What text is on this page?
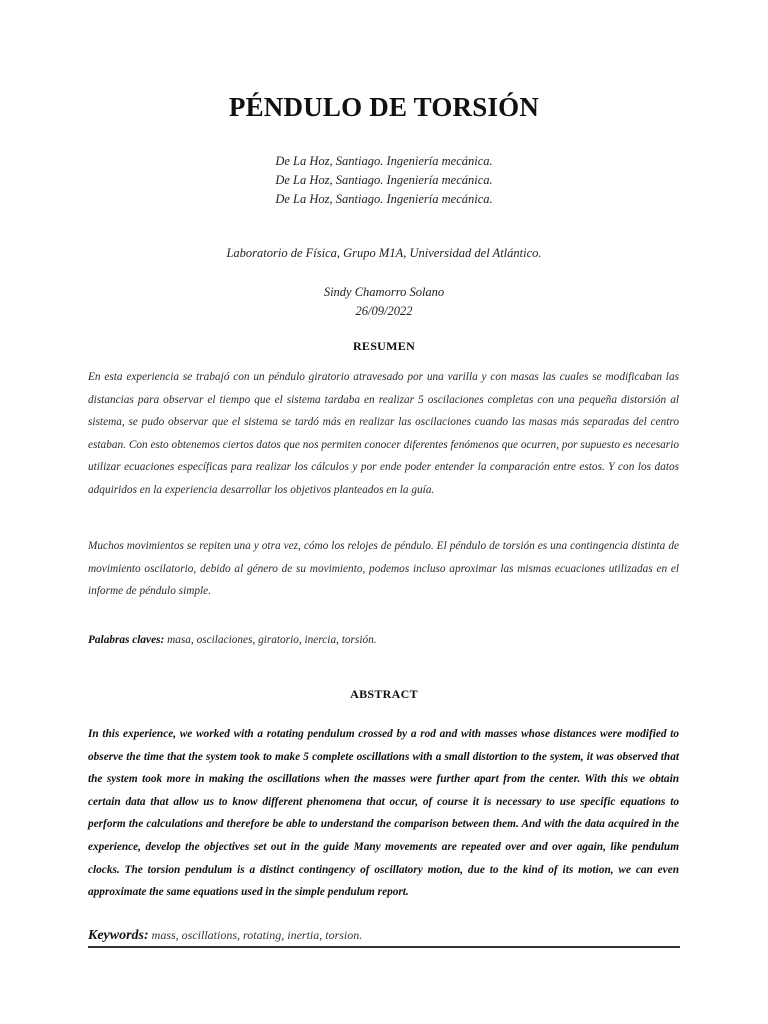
PÉNDULO DE TORSIÓN
De La Hoz, Santiago. Ingeniería mecánica.
De La Hoz, Santiago. Ingeniería mecánica.
De La Hoz, Santiago. Ingeniería mecánica.
Laboratorio de Física, Grupo M1A, Universidad del Atlántico.
Sindy Chamorro Solano
26/09/2022
RESUMEN

En esta experiencia se trabajó con un péndulo giratorio atravesado por una varilla y con masas las cuales se modificaban las distancias para observar el tiempo que el sistema tardaba en realizar 5 oscilaciones completas con una pequeña distorsión al sistema, se pudo observar que el sistema se tardó más en realizar las oscilaciones cuando las masas más separadas del centro estaban. Con esto obtenemos ciertos datos que nos permiten conocer diferentes fenómenos que ocurren, por supuesto es necesario utilizar ecuaciones específicas para realizar los cálculos y por ende poder entender la comparación entre estos. Y con los datos adquiridos en la experiencia desarrollar los objetivos planteados en la guía.

Muchos movimientos se repiten una y otra vez, cómo los relojes de péndulo. El péndulo de torsión es una contingencia distinta de movimiento oscilatorio, debido al género de su movimiento, podemos incluso aproximar las mismas ecuaciones utilizadas en el informe de péndulo simple.

Palabras claves: masa, oscilaciones, giratorio, inercia, torsión.
ABSTRACT

In this experience, we worked with a rotating pendulum crossed by a rod and with masses whose distances were modified to observe the time that the system took to make 5 complete oscillations with a small distortion to the system, it was observed that the system took more in making the oscillations when the masses were further apart from the center. With this we obtain certain data that allow us to know different phenomena that occur, of course it is necessary to use specific equations to perform the calculations and therefore be able to understand the comparison between them. And with the data acquired in the experience, develop the objectives set out in the guide Many movements are repeated over and over again, like pendulum clocks. The torsion pendulum is a distinct contingency of oscillatory motion, due to the kind of its motion, we can even approximate the same equations used in the simple pendulum report.

Keywords: mass, oscillations, rotating, inertia, torsion.
